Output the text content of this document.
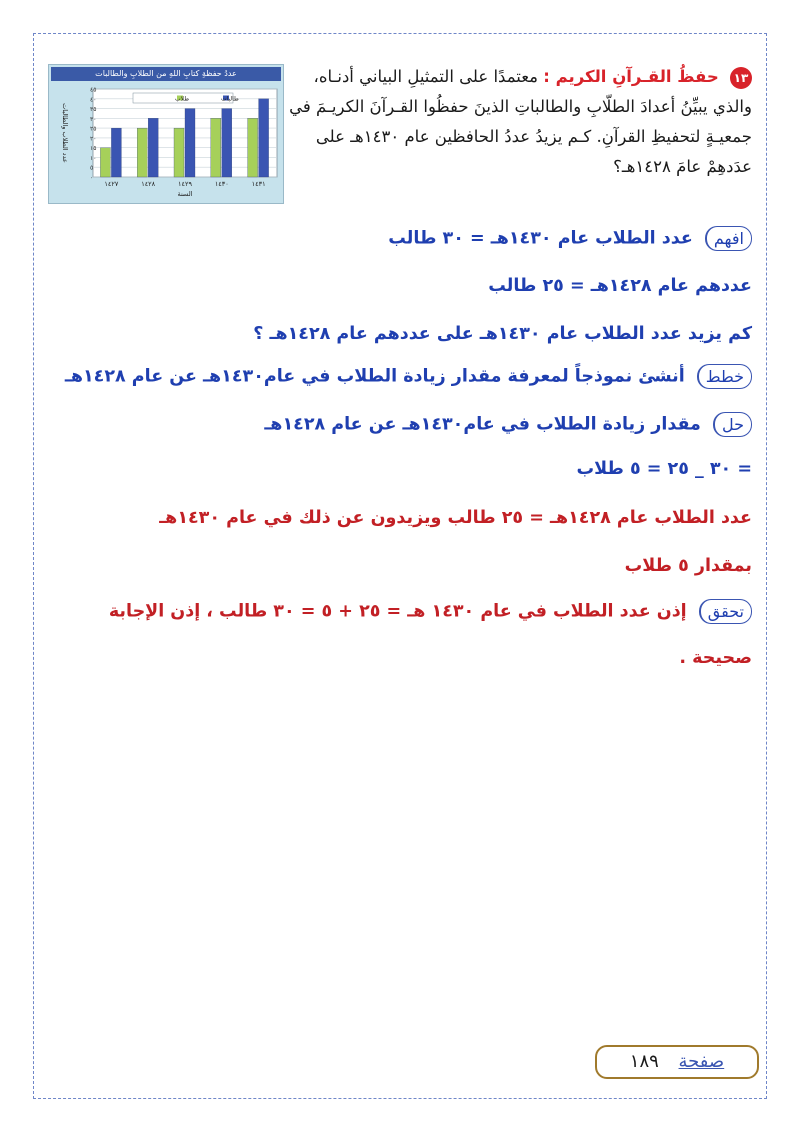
١٣ حفظُ القـرآنِ الكريم : معتمدًا على التمثيلِ البياني أدنـاه، والذي يبيِّنُ أعدادَ الطلّابِ والطالباتِ الذينَ حفظُوا القـرآنَ الكريـمَ في جمعيـةٍ لتحفيظِ القرآنِ. كـم يزيدُ عددُ الحافظين عام ١٤٣٠هـ على عدَدهِمْ عامَ ١٤٢٨هـ؟
عددُ حفظةِ كتابِ اللهِ من الطلابِ والطالبات
٠
٥
١٠
١٥
٢٠
٢٥
٣٠
٣٥
٤٠
٤٥
١٤٢٧	١٤٢٨	١٤٢٩	١٤٣٠	١٤٣١
السنة
عدد الطلاب والطالبات
طلاب	طالبات
افهم عدد الطلاب عام ١٤٣٠هـ = ٣٠ طالب
عددهم عام ١٤٢٨هـ = ٢٥ طالب
كم يزيد عدد الطلاب عام ١٤٣٠هـ على عددهم عام ١٤٢٨هـ ؟
خطط أنشئ نموذجاً لمعرفة مقدار زيادة الطلاب في عام١٤٣٠هـ عن عام ١٤٢٨هـ
حل مقدار زيادة الطلاب في عام١٤٣٠هـ عن عام ١٤٢٨هـ
= ٣٠ _ ٢٥ = ٥ طلاب
عدد الطلاب عام ١٤٢٨هـ = ٢٥ طالب ويزيدون عن ذلك في عام ١٤٣٠هـ
بمقدار ٥ طلاب
تحقق إذن عدد الطلاب في عام ١٤٣٠ هـ = ٢٥ + ٥ = ٣٠ طالب ، إذن الإجابة
صحيحة .
صفحة ١٨٩
